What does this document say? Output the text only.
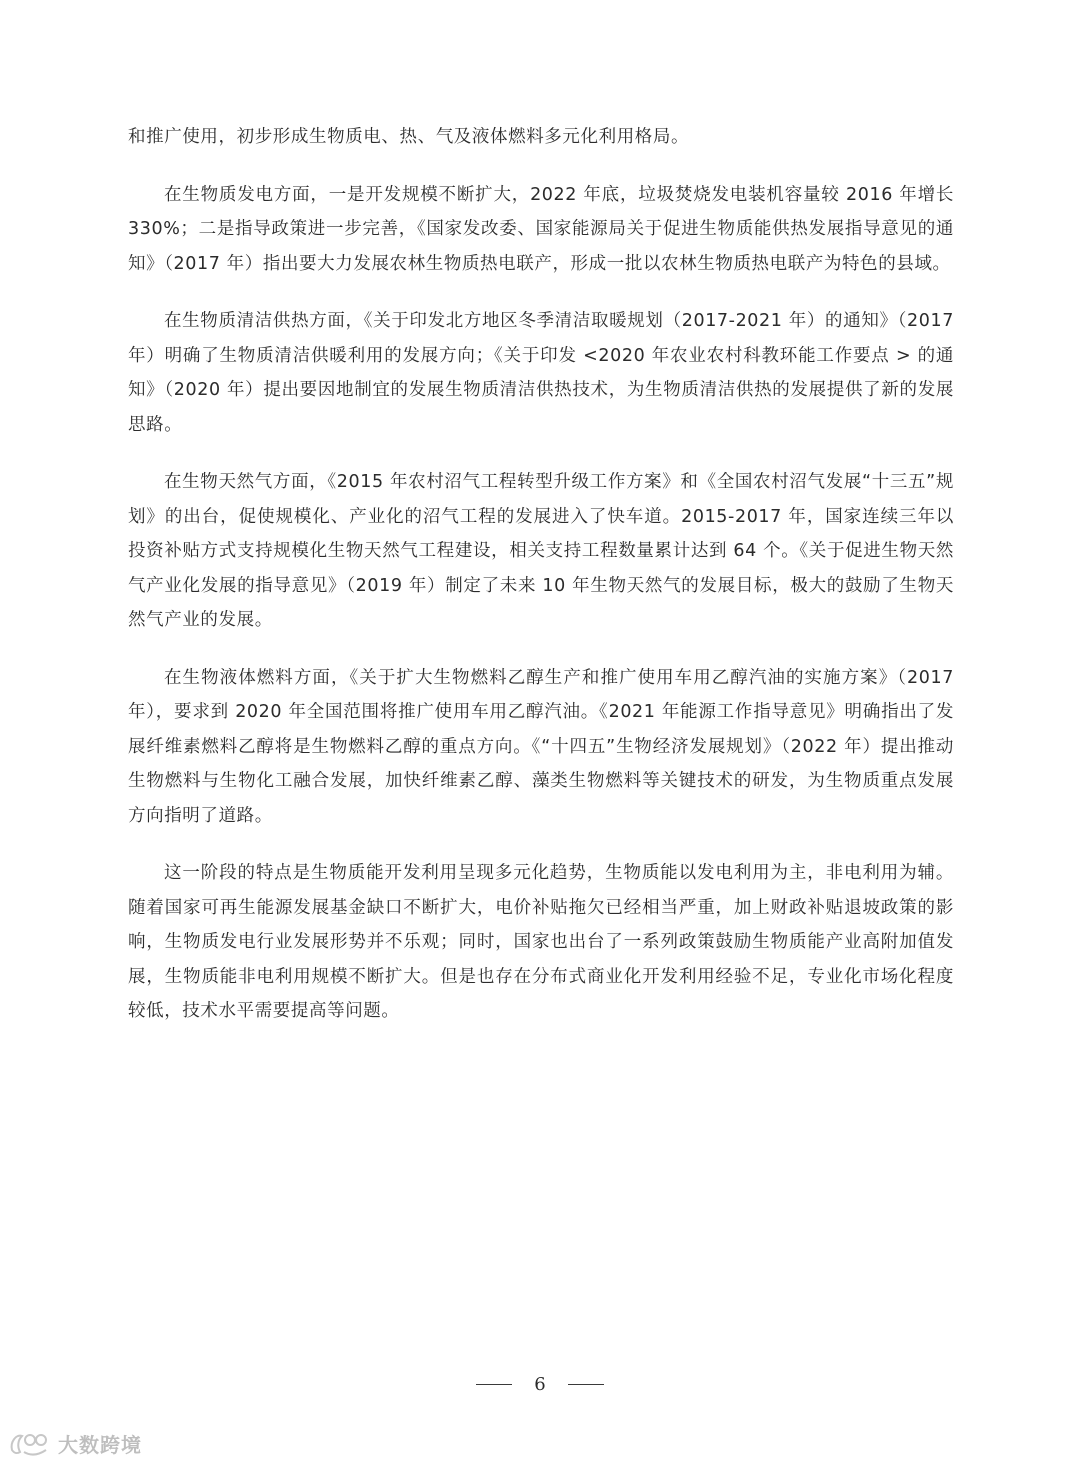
和推广使用，初步形成生物质电、热、气及液体燃料多元化利用格局。

在生物质发电方面，一是开发规模不断扩大，2022 年底，垃圾焚烧发电装机容量较 2016 年增长 330%；二是指导政策进一步完善，《国家发改委、国家能源局关于促进生物质能供热发展指导意见的通知》（2017 年）指出要大力发展农林生物质热电联产，形成一批以农林生物质热电联产为特色的县域。

在生物质清洁供热方面，《关于印发北方地区冬季清洁取暖规划（2017-2021 年）的通知》（2017 年）明确了生物质清洁供暖利用的发展方向；《关于印发 <2020 年农业农村科教环能工作要点 > 的通知》（2020 年）提出要因地制宜的发展生物质清洁供热技术，为生物质清洁供热的发展提供了新的发展思路。

在生物天然气方面，《2015 年农村沼气工程转型升级工作方案》和《全国农村沼气发展“十三五”规划》的出台，促使规模化、产业化的沼气工程的发展进入了快车道。2015-2017 年，国家连续三年以投资补贴方式支持规模化生物天然气工程建设，相关支持工程数量累计达到 64 个。《关于促进生物天然气产业化发展的指导意见》（2019 年）制定了未来 10 年生物天然气的发展目标，极大的鼓励了生物天然气产业的发展。

在生物液体燃料方面，《关于扩大生物燃料乙醇生产和推广使用车用乙醇汽油的实施方案》（2017 年），要求到 2020 年全国范围将推广使用车用乙醇汽油。《2021 年能源工作指导意见》明确指出了发展纤维素燃料乙醇将是生物燃料乙醇的重点方向。《“十四五”生物经济发展规划》（2022 年）提出推动生物燃料与生物化工融合发展，加快纤维素乙醇、藻类生物燃料等关键技术的研发，为生物质重点发展方向指明了道路。

这一阶段的特点是生物质能开发利用呈现多元化趋势，生物质能以发电利用为主，非电利用为辅。随着国家可再生能源发展基金缺口不断扩大，电价补贴拖欠已经相当严重，加上财政补贴退坡政策的影响，生物质发电行业发展形势并不乐观；同时，国家也出台了一系列政策鼓励生物质能产业高附加值发展，生物质能非电利用规模不断扩大。但是也存在分布式商业化开发利用经验不足，专业化市场化程度较低，技术水平需要提高等问题。

6
大数跨境
